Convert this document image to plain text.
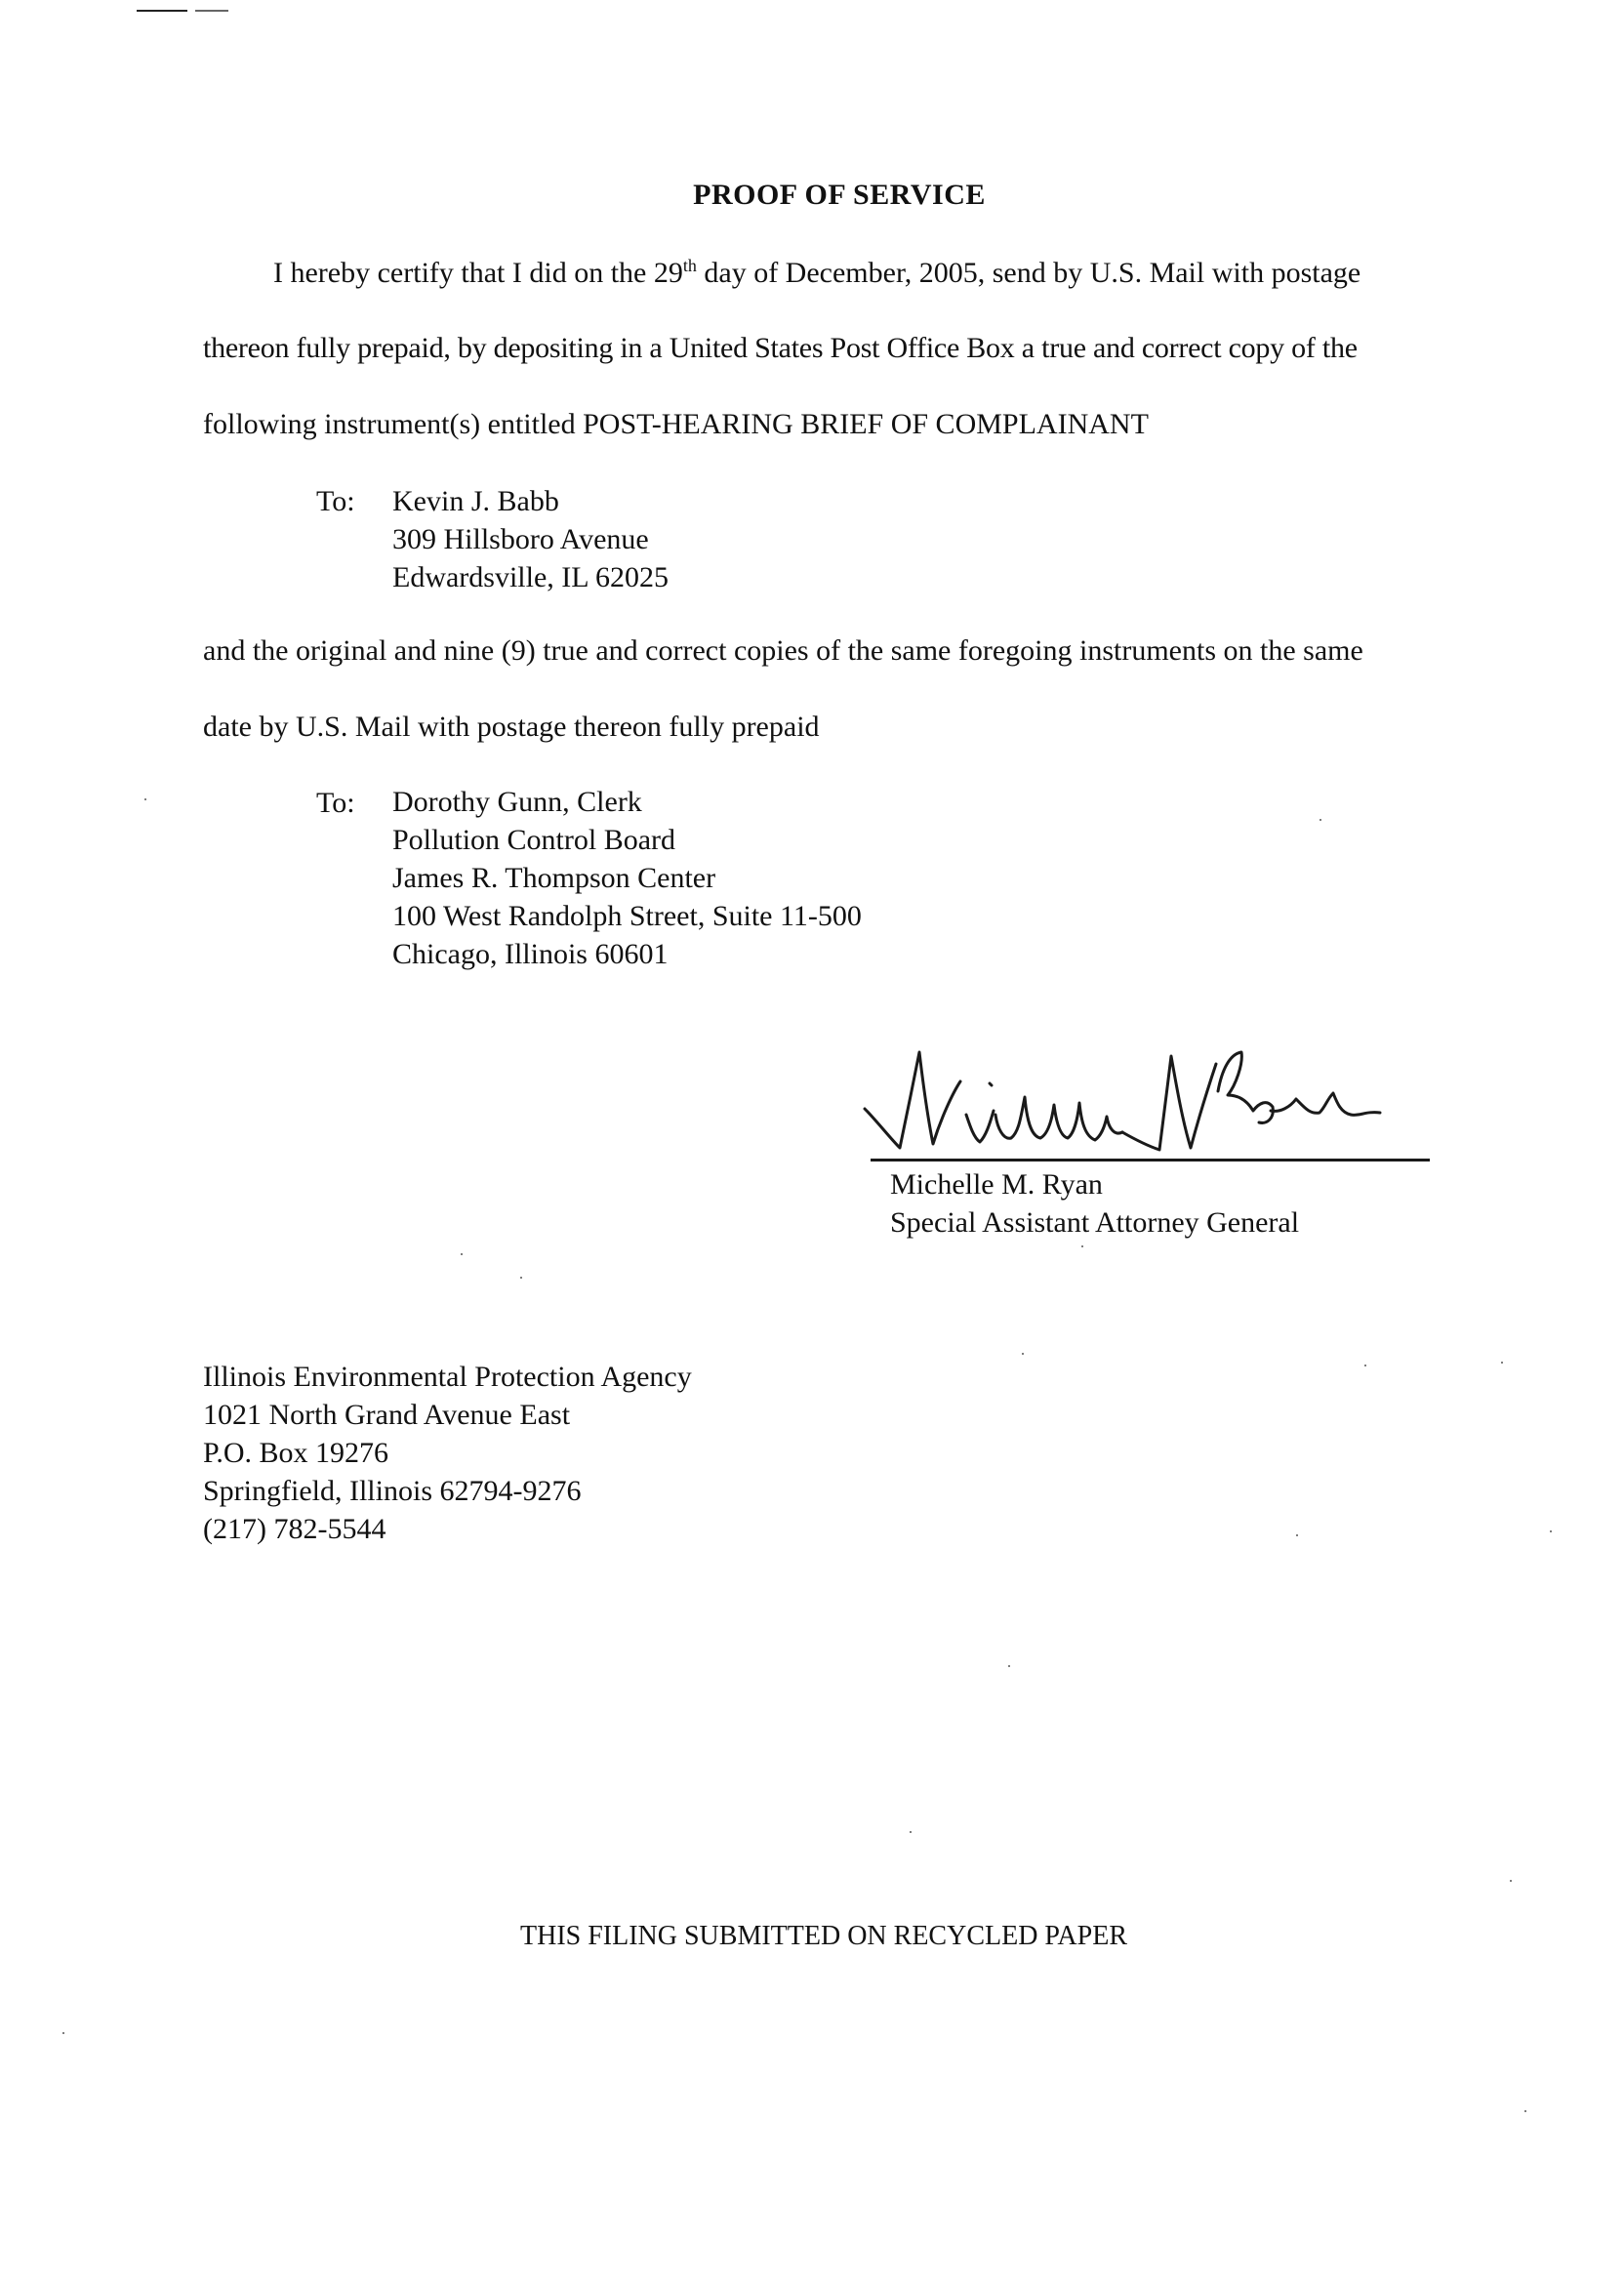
PROOF OF SERVICE
I hereby certify that I did on the 29th day of December, 2005, send by U.S. Mail with postage
thereon fully prepaid, by depositing in a United States Post Office Box a true and correct copy of the
following instrument(s) entitled POST-HEARING BRIEF OF COMPLAINANT
To: Kevin J. Babb
309 Hillsboro Avenue
Edwardsville, IL 62025
and the original and nine (9) true and correct copies of the same foregoing instruments on the same
date by U.S. Mail with postage thereon fully prepaid
To: Dorothy Gunn, Clerk
Pollution Control Board
James R. Thompson Center
100 West Randolph Street, Suite 11-500
Chicago, Illinois 60601
Michelle M. Ryan
Special Assistant Attorney General
Illinois Environmental Protection Agency
1021 North Grand Avenue East
P.O. Box 19276
Springfield, Illinois 62794-9276
(217) 782-5544
THIS FILING SUBMITTED ON RECYCLED PAPER
